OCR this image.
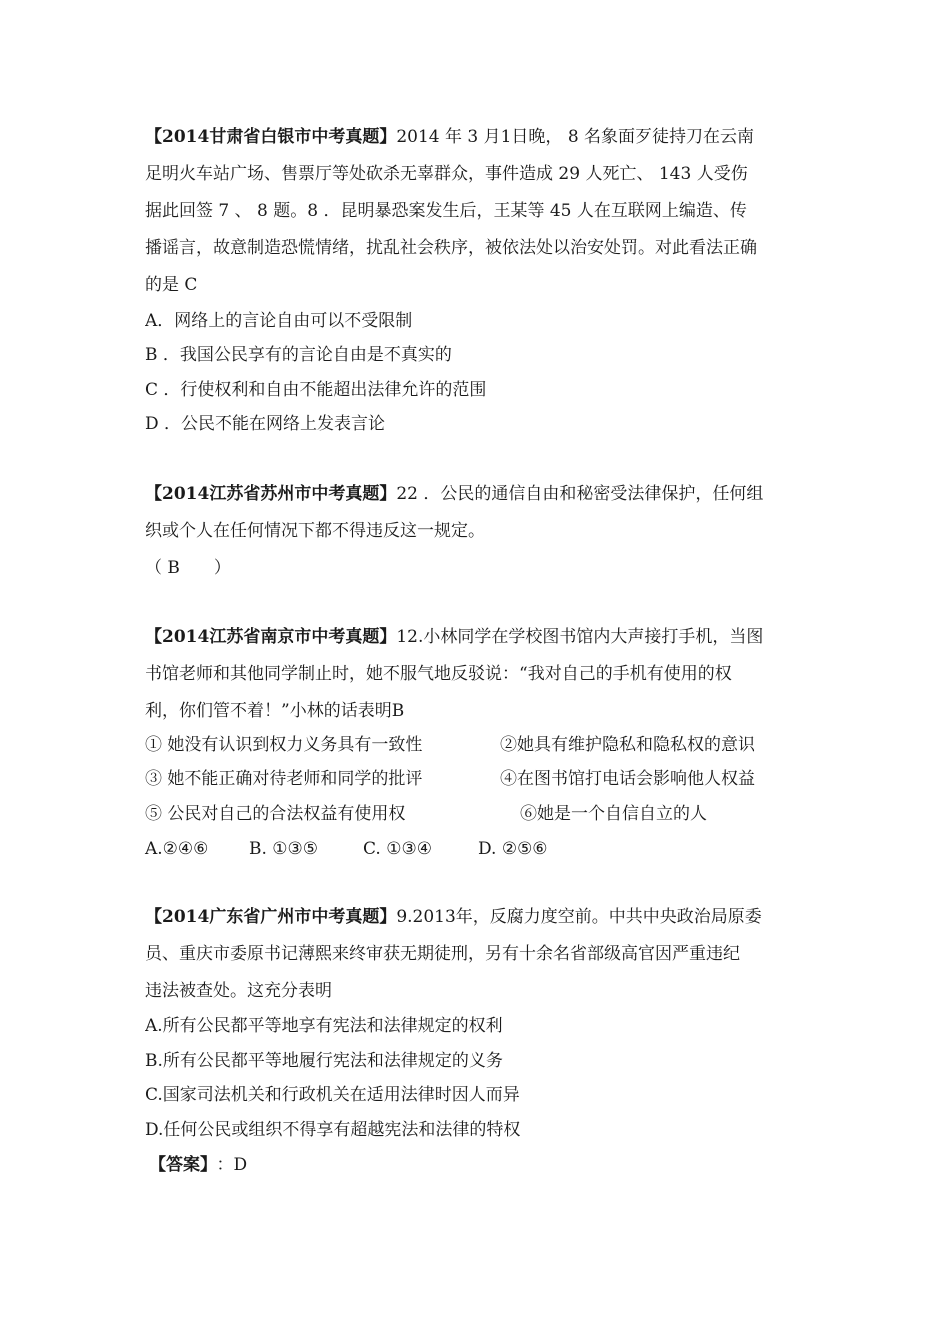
【2014甘肃省白银市中考真题】2014 年 3 月1日晚， 8 名象面歹徒持刀在云南
足明火车站广场、售票厅等处砍杀无辜群众，事件造成 29 人死亡、 143 人受伤
据此回签 7 、 8 题。8 ．昆明暴恐案发生后，王某等 45 人在互联网上编造、传
播谣言，故意制造恐慌情绪，扰乱社会秩序，被依法处以治安处罚。对此看法正确
的是 C
A．网络上的言论自由可以不受限制
B ．我国公民享有的言论自由是不真实的
C ．行使权利和自由不能超出法律允许的范围
D ．公民不能在网络上发表言论
【2014江苏省苏州市中考真题】22 ．公民的通信自由和秘密受法律保护，任何组
织或个人在任何情况下都不得违反这一规定。
（ B　　）
【2014江苏省南京市中考真题】12.小林同学在学校图书馆内大声接打手机，当图
书馆老师和其他同学制止时，她不服气地反驳说：“我对自己的手机有使用的权
利，你们管不着！”小林的话表明B
① 她没有认识到权力义务具有一致性	②她具有维护隐私和隐私权的意识
③ 她不能正确对待老师和同学的批评	④在图书馆打电话会影响他人权益
⑤ 公民对自己的合法权益有使用权	⑥她是一个自信自立的人
A.②④⑥ B. ①③⑤	C. ①③④	D. ②⑤⑥
【2014广东省广州市中考真题】9.2013年，反腐力度空前。中共中央政治局原委
员、重庆市委原书记薄熙来终审获无期徒刑，另有十余名省部级高官因严重违纪
违法被查处。这充分表明
A.所有公民都平等地享有宪法和法律规定的权利
B.所有公民都平等地履行宪法和法律规定的义务
C.国家司法机关和行政机关在适用法律时因人而异
D.任何公民或组织不得享有超越宪法和法律的特权
【答案】 ：D
